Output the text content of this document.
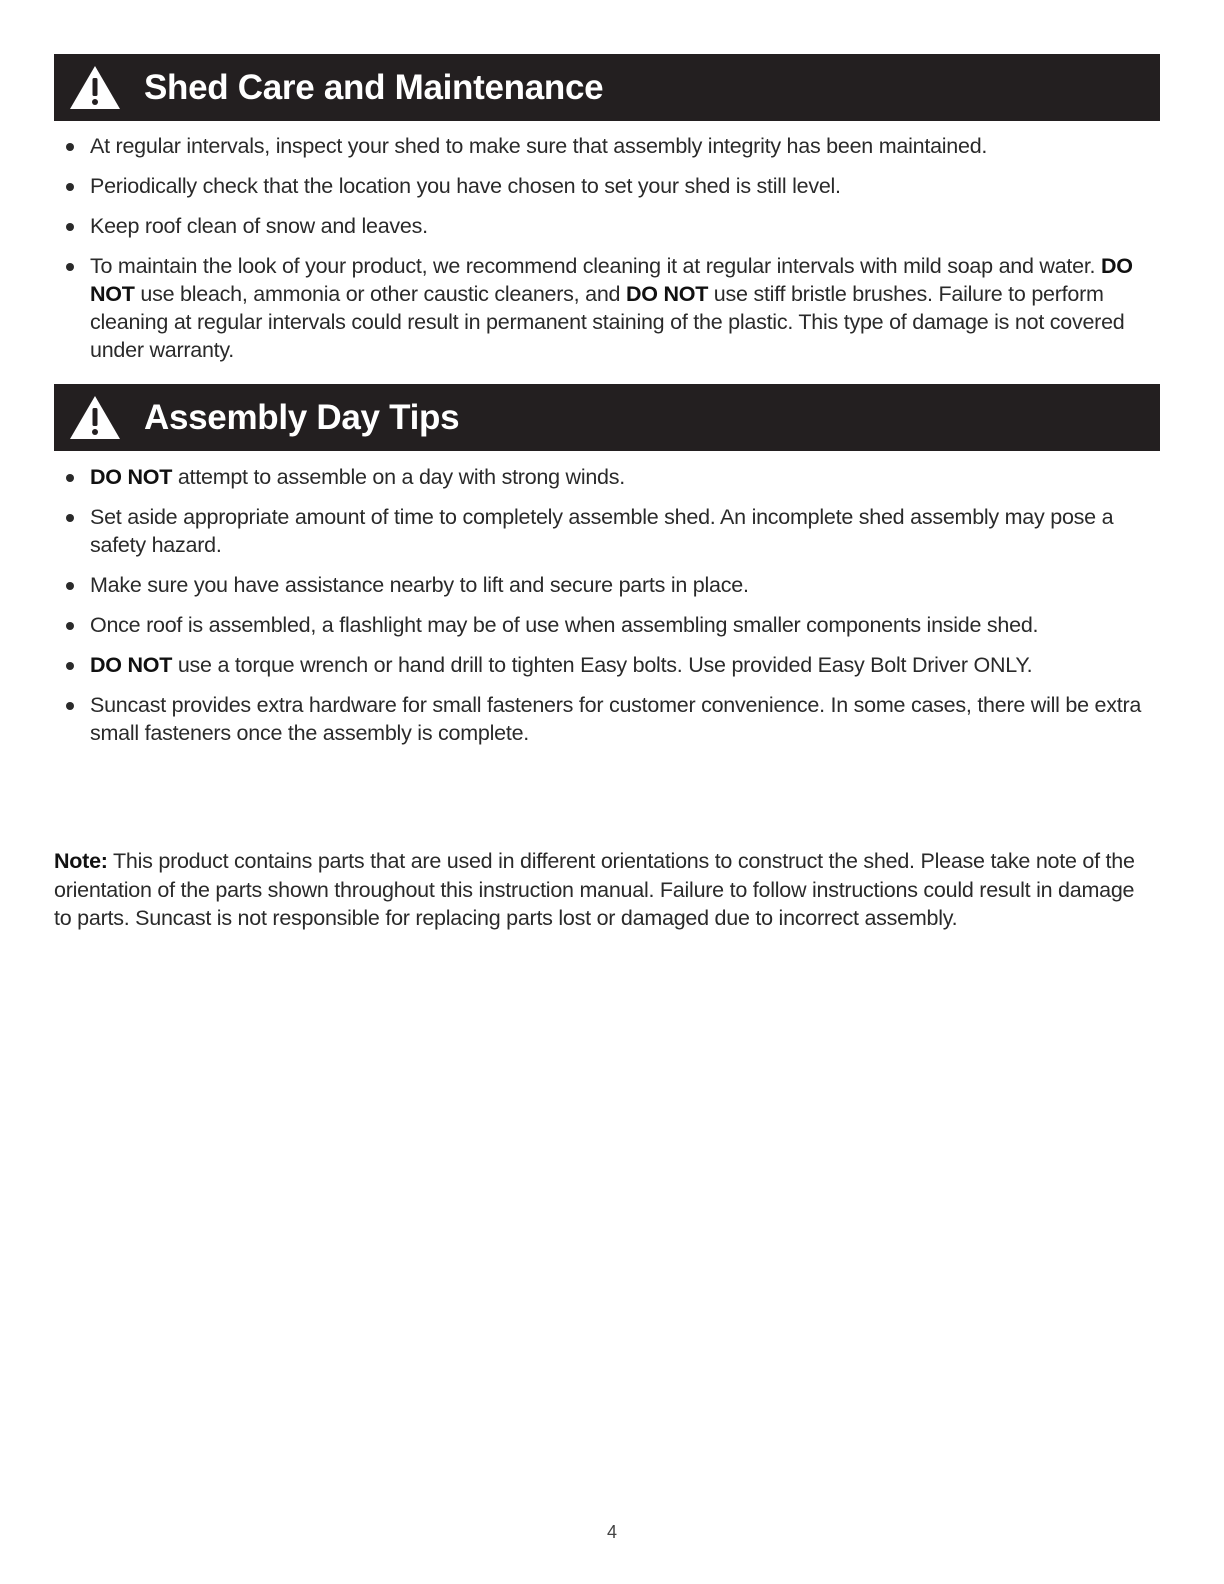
Shed Care and Maintenance
At regular intervals, inspect your shed to make sure that assembly integrity has been maintained.
Periodically check that the location you have chosen to set your shed is still level.
Keep roof clean of snow and leaves.
To maintain the look of your product, we recommend cleaning it at regular intervals with mild soap and water. DO NOT use bleach, ammonia or other caustic cleaners, and DO NOT use stiff bristle brushes. Failure to perform cleaning at regular intervals could result in permanent staining of the plastic. This type of damage is not covered under warranty.
Assembly Day Tips
DO NOT attempt to assemble on a day with strong winds.
Set aside appropriate amount of time to completely assemble shed. An incomplete shed assembly may pose a safety hazard.
Make sure you have assistance nearby to lift and secure parts in place.
Once roof is assembled, a flashlight may be of use when assembling smaller components inside shed.
DO NOT use a torque wrench or hand drill to tighten Easy bolts. Use provided Easy Bolt Driver ONLY.
Suncast provides extra hardware for small fasteners for customer convenience. In some cases, there will be extra small fasteners once the assembly is complete.

Note: This product contains parts that are used in different orientations to construct the shed. Please take note of the orientation of the parts shown throughout this instruction manual. Failure to follow instructions could result in damage to parts. Suncast is not responsible for replacing parts lost or damaged due to incorrect assembly.

4
